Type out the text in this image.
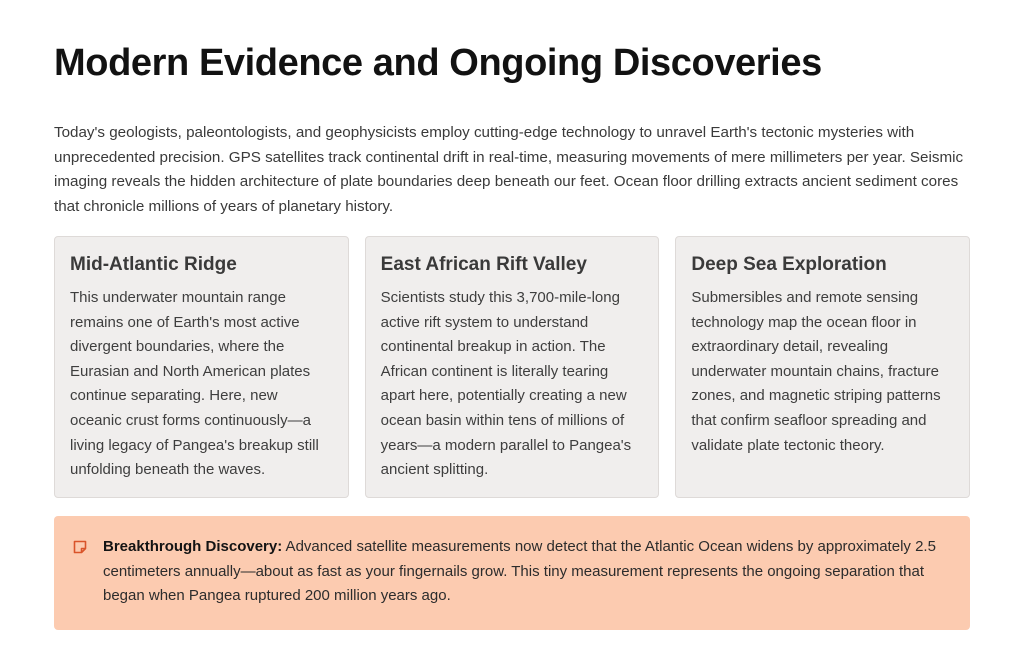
Modern Evidence and Ongoing Discoveries

Today's geologists, paleontologists, and geophysicists employ cutting-edge technology to unravel Earth's tectonic mysteries with unprecedented precision. GPS satellites track continental drift in real-time, measuring movements of mere millimeters per year. Seismic imaging reveals the hidden architecture of plate boundaries deep beneath our feet. Ocean floor drilling extracts ancient sediment cores that chronicle millions of years of planetary history.

Mid-Atlantic Ridge

This underwater mountain range remains one of Earth's most active divergent boundaries, where the Eurasian and North American plates continue separating. Here, new oceanic crust forms continuously—a living legacy of Pangea's breakup still unfolding beneath the waves.

East African Rift Valley

Scientists study this 3,700-mile-long active rift system to understand continental breakup in action. The African continent is literally tearing apart here, potentially creating a new ocean basin within tens of millions of years—a modern parallel to Pangea's ancient splitting.

Deep Sea Exploration

Submersibles and remote sensing technology map the ocean floor in extraordinary detail, revealing underwater mountain chains, fracture zones, and magnetic striping patterns that confirm seafloor spreading and validate plate tectonic theory.

Breakthrough Discovery: Advanced satellite measurements now detect that the Atlantic Ocean widens by approximately 2.5 centimeters annually—about as fast as your fingernails grow. This tiny measurement represents the ongoing separation that began when Pangea ruptured 200 million years ago.
